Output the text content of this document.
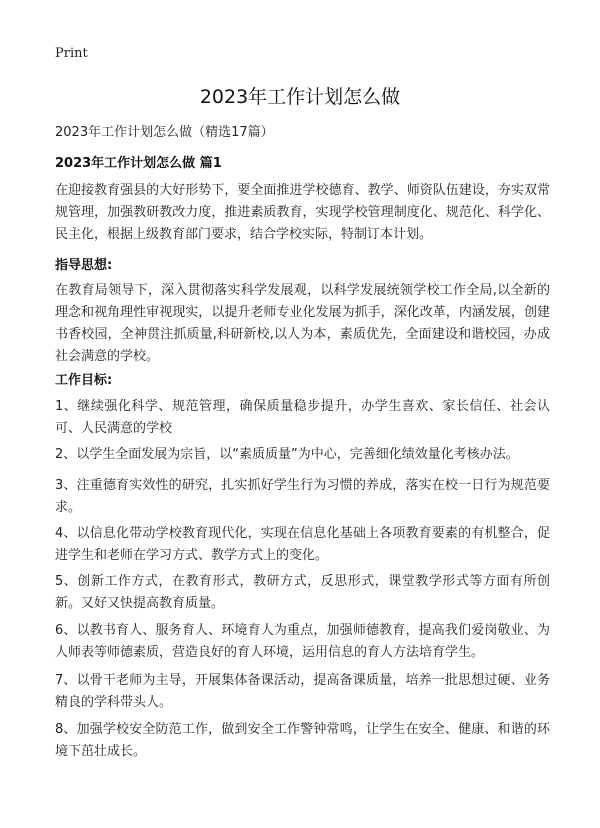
Print
2023年工作计划怎么做
2023年工作计划怎么做（精选17篇）
2023年工作计划怎么做 篇1
在迎接教育强县的大好形势下，要全面推进学校德育、教学、师资队伍建设，夯实双常规管理，加强教研教改力度，推进素质教育，实现学校管理制度化、规范化、科学化、民主化，根据上级教育部门要求，结合学校实际，特制订本计划。
指导思想:
在教育局领导下，深入贯彻落实科学发展观，以科学发展统领学校工作全局,以全新的理念和视角理性审视现实，以提升老师专业化发展为抓手，深化改革，内涵发展，创建书香校园，全神贯注抓质量,科研新校,以人为本，素质优先，全面建设和谐校园，办成社会满意的学校。
工作目标:
1、继续强化科学、规范管理，确保质量稳步提升，办学生喜欢、家长信任、社会认可、人民满意的学校
2、以学生全面发展为宗旨，以“素质质量”为中心，完善细化绩效量化考核办法。
3、注重德育实效性的研究，扎实抓好学生行为习惯的养成，落实在校一日行为规范要求。
4、以信息化带动学校教育现代化，实现在信息化基础上各项教育要素的有机整合，促进学生和老师在学习方式、教学方式上的变化。
5、创新工作方式，在教育形式，教研方式，反思形式，课堂教学形式等方面有所创新。又好又快提高教育质量。
6、以教书育人、服务育人、环境育人为重点，加强师德教育，提高我们爱岗敬业、为人师表等师德素质，营造良好的育人环境，运用信息的育人方法培育学生。
7、以骨干老师为主导，开展集体备课活动，提高备课质量，培养一批思想过硬、业务精良的学科带头人。
8、加强学校安全防范工作，做到安全工作警钟常鸣，让学生在安全、健康、和谐的环境下茁壮成长。
